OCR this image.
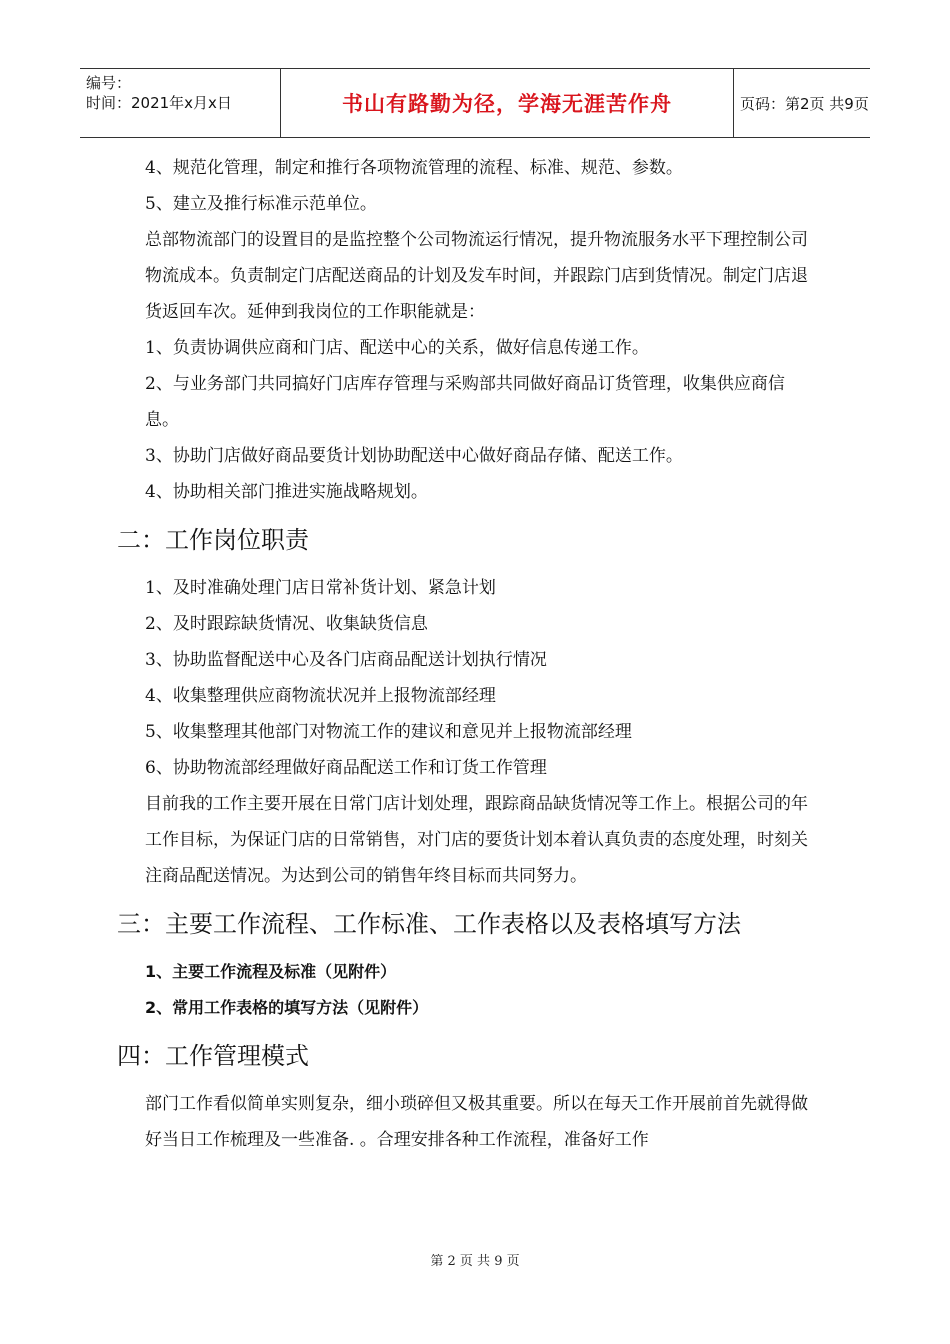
编号：
时间：2021年x月x日	书山有路勤为径，学海无涯苦作舟	页码：第2页 共9页

4、规范化管理，制定和推行各项物流管理的流程、标准、规范、参数。

5、建立及推行标准示范单位。

总部物流部门的设置目的是监控整个公司物流运行情况，提升物流服务水平下理控制公司物流成本。负责制定门店配送商品的计划及发车时间，并跟踪门店到货情况。制定门店退货返回车次。延伸到我岗位的工作职能就是：

1、负责协调供应商和门店、配送中心的关系，做好信息传递工作。

2、与业务部门共同搞好门店库存管理与采购部共同做好商品订货管理，收集供应商信息。

3、协助门店做好商品要货计划协助配送中心做好商品存储、配送工作。

4、协助相关部门推进实施战略规划。

二：工作岗位职责

1、及时准确处理门店日常补货计划、紧急计划

2、及时跟踪缺货情况、收集缺货信息

3、协助监督配送中心及各门店商品配送计划执行情况

4、收集整理供应商物流状况并上报物流部经理

5、收集整理其他部门对物流工作的建议和意见并上报物流部经理

6、协助物流部经理做好商品配送工作和订货工作管理

目前我的工作主要开展在日常门店计划处理，跟踪商品缺货情况等工作上。根据公司的年工作目标，为保证门店的日常销售，对门店的要货计划本着认真负责的态度处理，时刻关注商品配送情况。为达到公司的销售年终目标而共同努力。

三：主要工作流程、工作标准、工作表格以及表格填写方法

1、主要工作流程及标准（见附件）

2、常用工作表格的填写方法（见附件）

四：工作管理模式

部门工作看似简单实则复杂，细小琐碎但又极其重要。所以在每天工作开展前首先就得做好当日工作梳理及一些准备. 。合理安排各种工作流程，准备好工作

第 2 页 共 9 页
